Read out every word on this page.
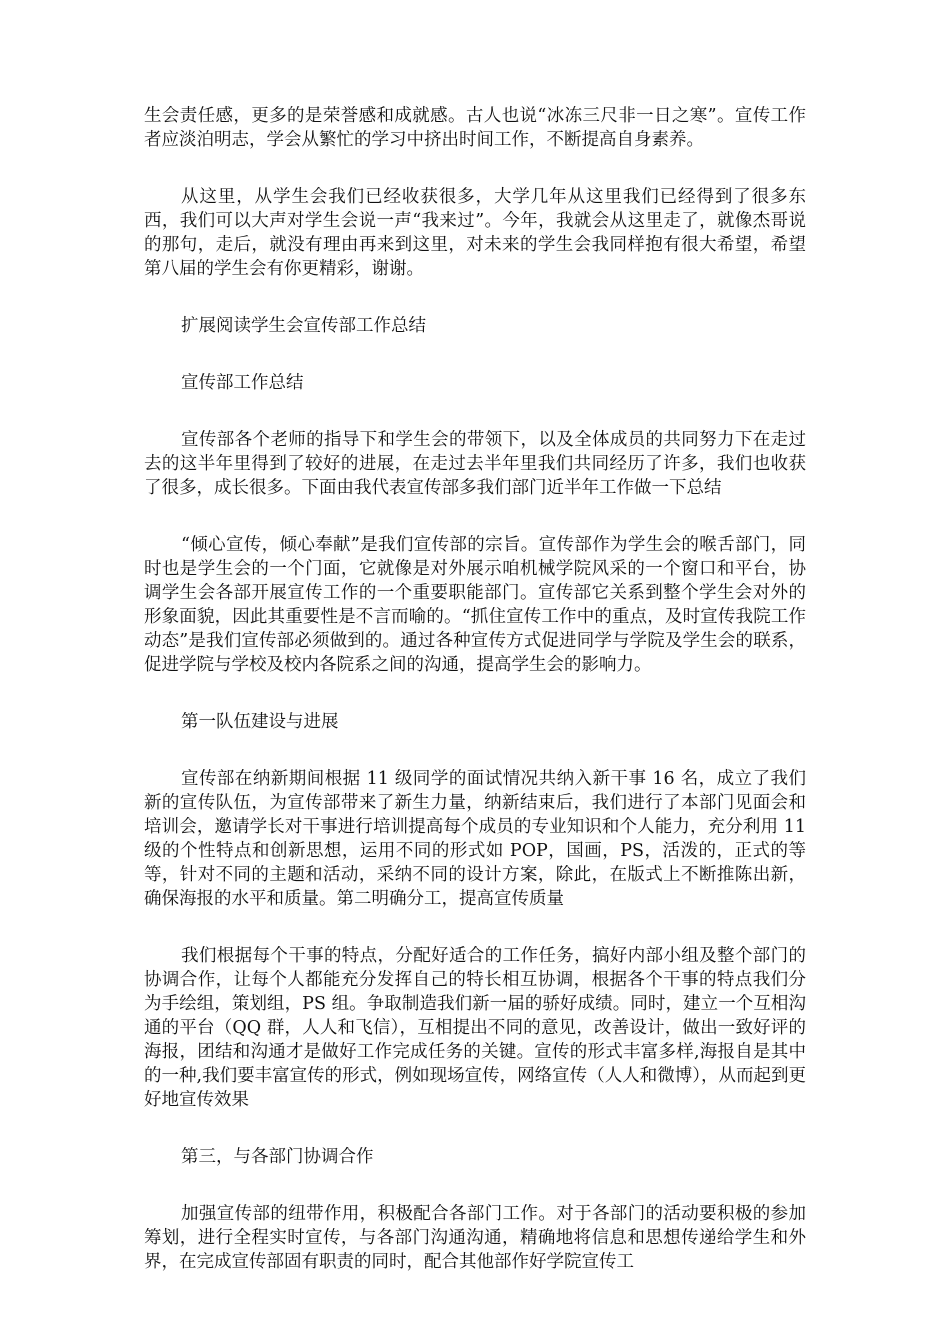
生会责任感，更多的是荣誉感和成就感。古人也说“冰冻三尺非一日之寒”。宣传工作者应淡泊明志，学会从繁忙的学习中挤出时间工作，不断提高自身素养。

从这里，从学生会我们已经收获很多，大学几年从这里我们已经得到了很多东西，我们可以大声对学生会说一声“我来过”。今年，我就会从这里走了，就像杰哥说的那句，走后，就没有理由再来到这里，对未来的学生会我同样抱有很大希望，希望第八届的学生会有你更精彩，谢谢。

扩展阅读学生会宣传部工作总结

宣传部工作总结

宣传部各个老师的指导下和学生会的带领下，以及全体成员的共同努力下在走过去的这半年里得到了较好的进展，在走过去半年里我们共同经历了许多，我们也收获了很多，成长很多。下面由我代表宣传部多我们部门近半年工作做一下总结

“倾心宣传，倾心奉献”是我们宣传部的宗旨。宣传部作为学生会的喉舌部门，同时也是学生会的一个门面，它就像是对外展示咱机械学院风采的一个窗口和平台，协调学生会各部开展宣传工作的一个重要职能部门。宣传部它关系到整个学生会对外的形象面貌，因此其重要性是不言而喻的。“抓住宣传工作中的重点，及时宣传我院工作动态”是我们宣传部必须做到的。通过各种宣传方式促进同学与学院及学生会的联系，促进学院与学校及校内各院系之间的沟通，提高学生会的影响力。

第一队伍建设与进展

宣传部在纳新期间根据 11 级同学的面试情况共纳入新干事 16 名，成立了我们新的宣传队伍，为宣传部带来了新生力量，纳新结束后，我们进行了本部门见面会和培训会，邀请学长对干事进行培训提高每个成员的专业知识和个人能力，充分利用 11 级的个性特点和创新思想，运用不同的形式如 POP，国画，PS，活泼的，正式的等等，针对不同的主题和活动，采纳不同的设计方案，除此，在版式上不断推陈出新，确保海报的水平和质量。第二明确分工，提高宣传质量

我们根据每个干事的特点，分配好适合的工作任务，搞好内部小组及整个部门的协调合作，让每个人都能充分发挥自己的特长相互协调，根据各个干事的特点我们分为手绘组，策划组，PS 组。争取制造我们新一届的骄好成绩。同时，建立一个互相沟通的平台（QQ 群，人人和飞信），互相提出不同的意见，改善设计，做出一致好评的海报，团结和沟通才是做好工作完成任务的关键。宣传的形式丰富多样,海报自是其中的一种,我们要丰富宣传的形式，例如现场宣传，网络宣传（人人和微博），从而起到更好地宣传效果

第三，与各部门协调合作

加强宣传部的纽带作用，积极配合各部门工作。对于各部门的活动要积极的参加筹划，进行全程实时宣传，与各部门沟通沟通，精确地将信息和思想传递给学生和外界，在完成宣传部固有职责的同时，配合其他部作好学院宣传工
